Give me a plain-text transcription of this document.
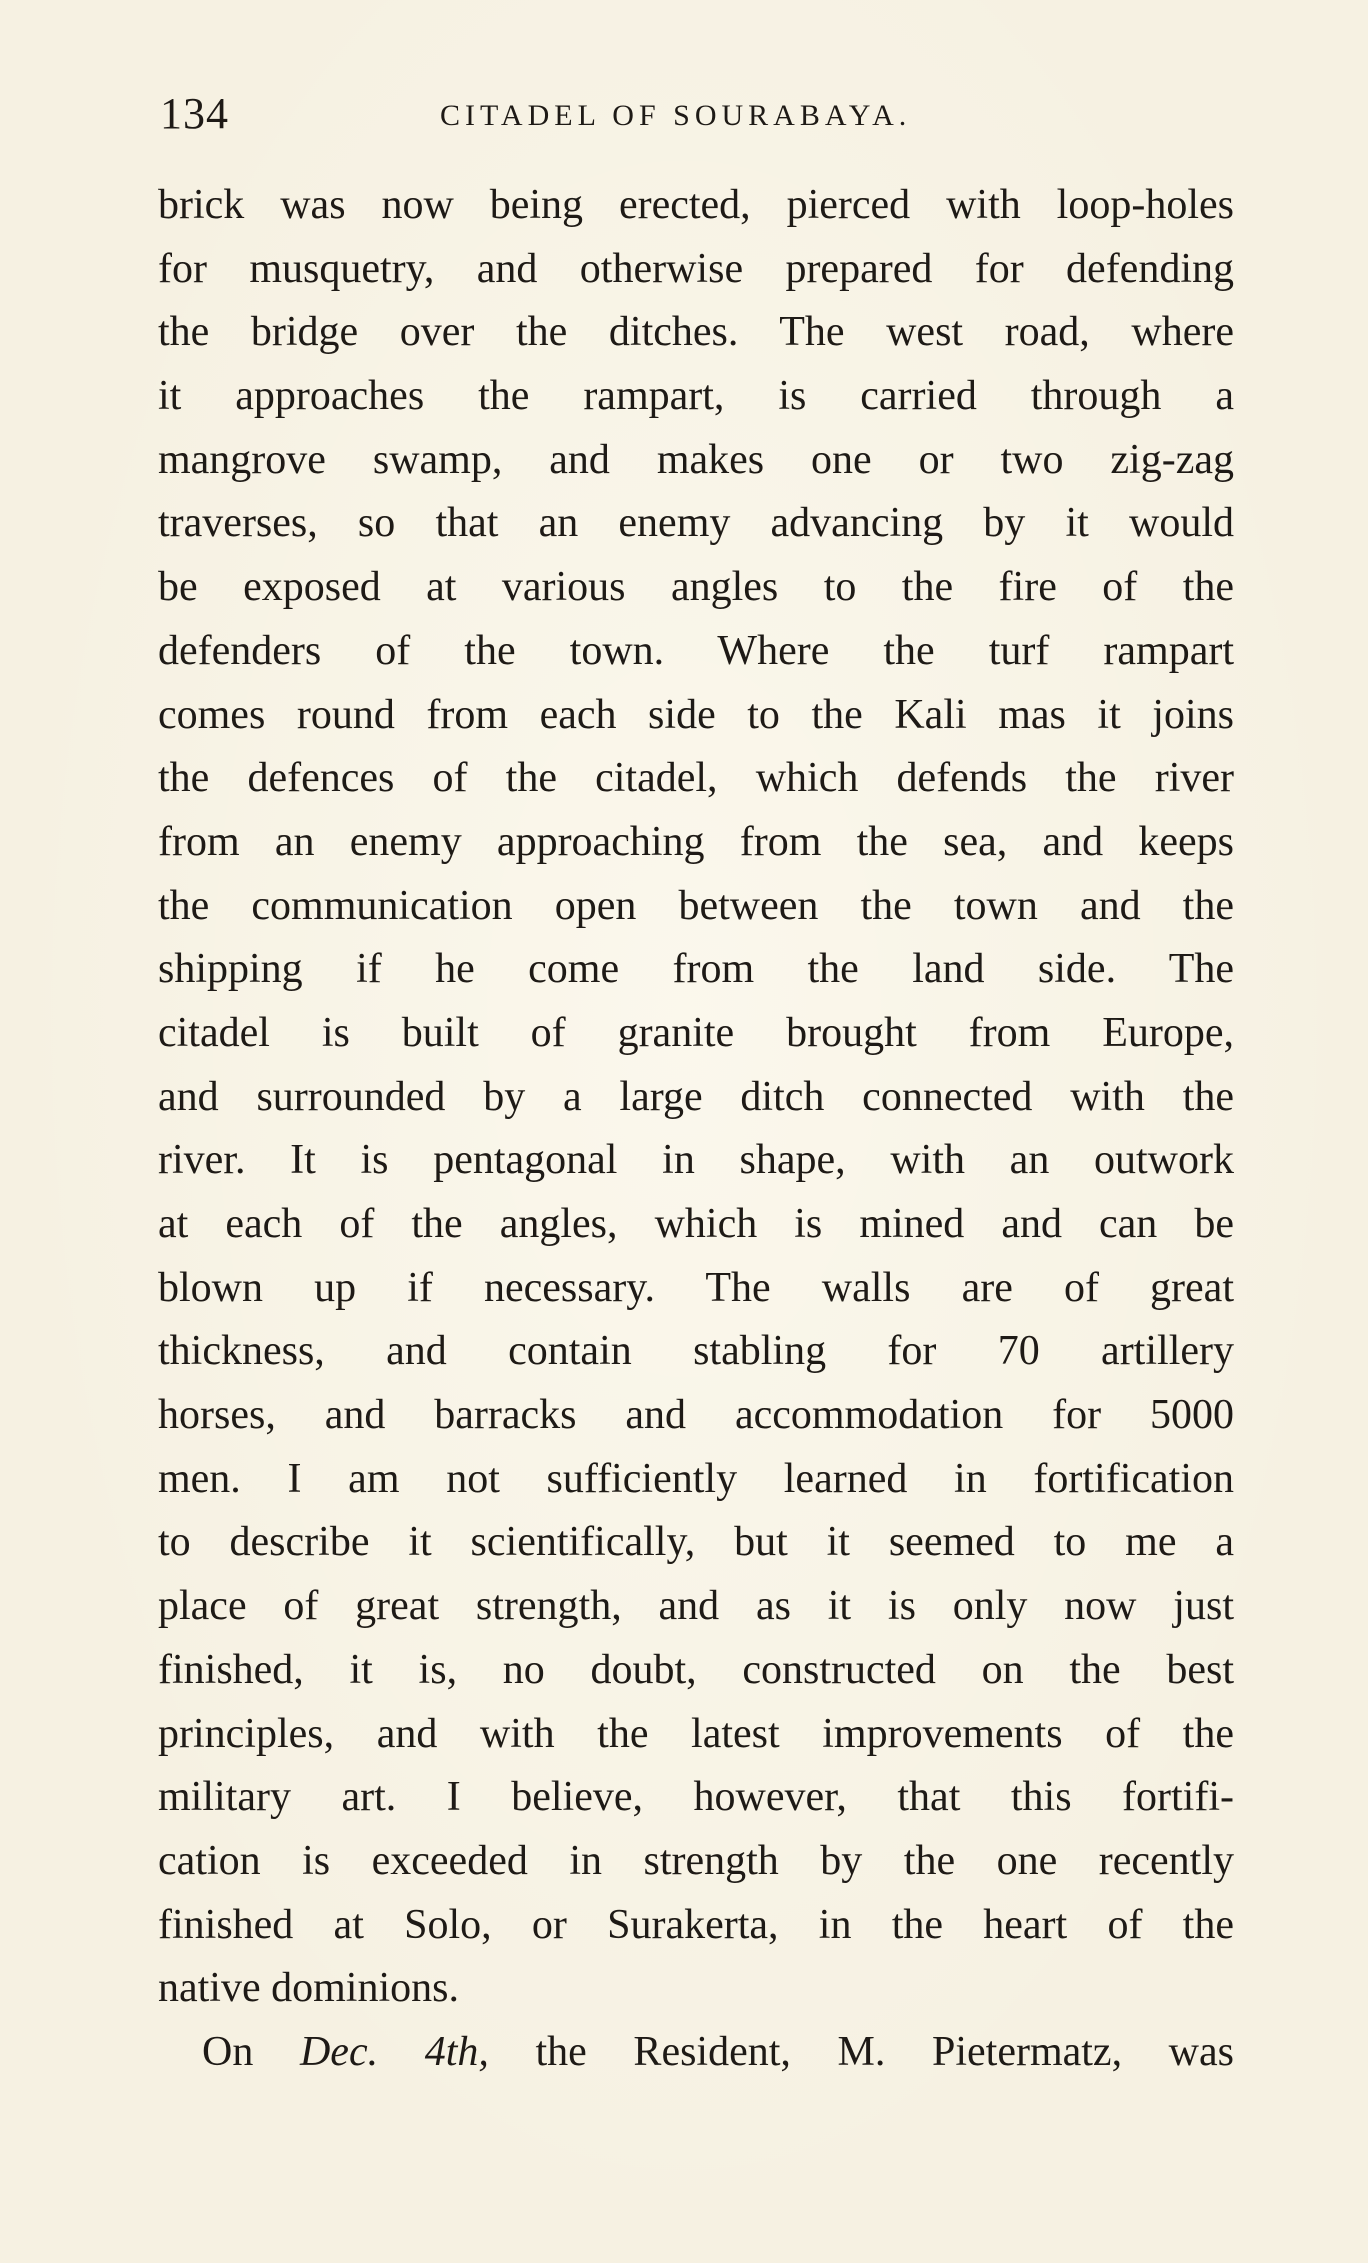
134	CITADEL OF SOURABAYA.
brick was now being erected, pierced with loop-holes
for musquetry, and otherwise prepared for defending
the bridge over the ditches. The west road, where
it approaches the rampart, is carried through a
mangrove swamp, and makes one or two zig-zag
traverses, so that an enemy advancing by it would
be exposed at various angles to the fire of the
defenders of the town. Where the turf rampart
comes round from each side to the Kali mas it joins
the defences of the citadel, which defends the river
from an enemy approaching from the sea, and keeps
the communication open between the town and the
shipping if he come from the land side. The
citadel is built of granite brought from Europe,
and surrounded by a large ditch connected with the
river. It is pentagonal in shape, with an outwork
at each of the angles, which is mined and can be
blown up if necessary. The walls are of great
thickness, and contain stabling for 70 artillery
horses, and barracks and accommodation for 5000
men. I am not sufficiently learned in fortification
to describe it scientifically, but it seemed to me a
place of great strength, and as it is only now just
finished, it is, no doubt, constructed on the best
principles, and with the latest improvements of the
military art. I believe, however, that this fortifi-
cation is exceeded in strength by the one recently
finished at Solo, or Surakerta, in the heart of the
native dominions.
On Dec. 4th, the Resident, M. Pietermatz, was
